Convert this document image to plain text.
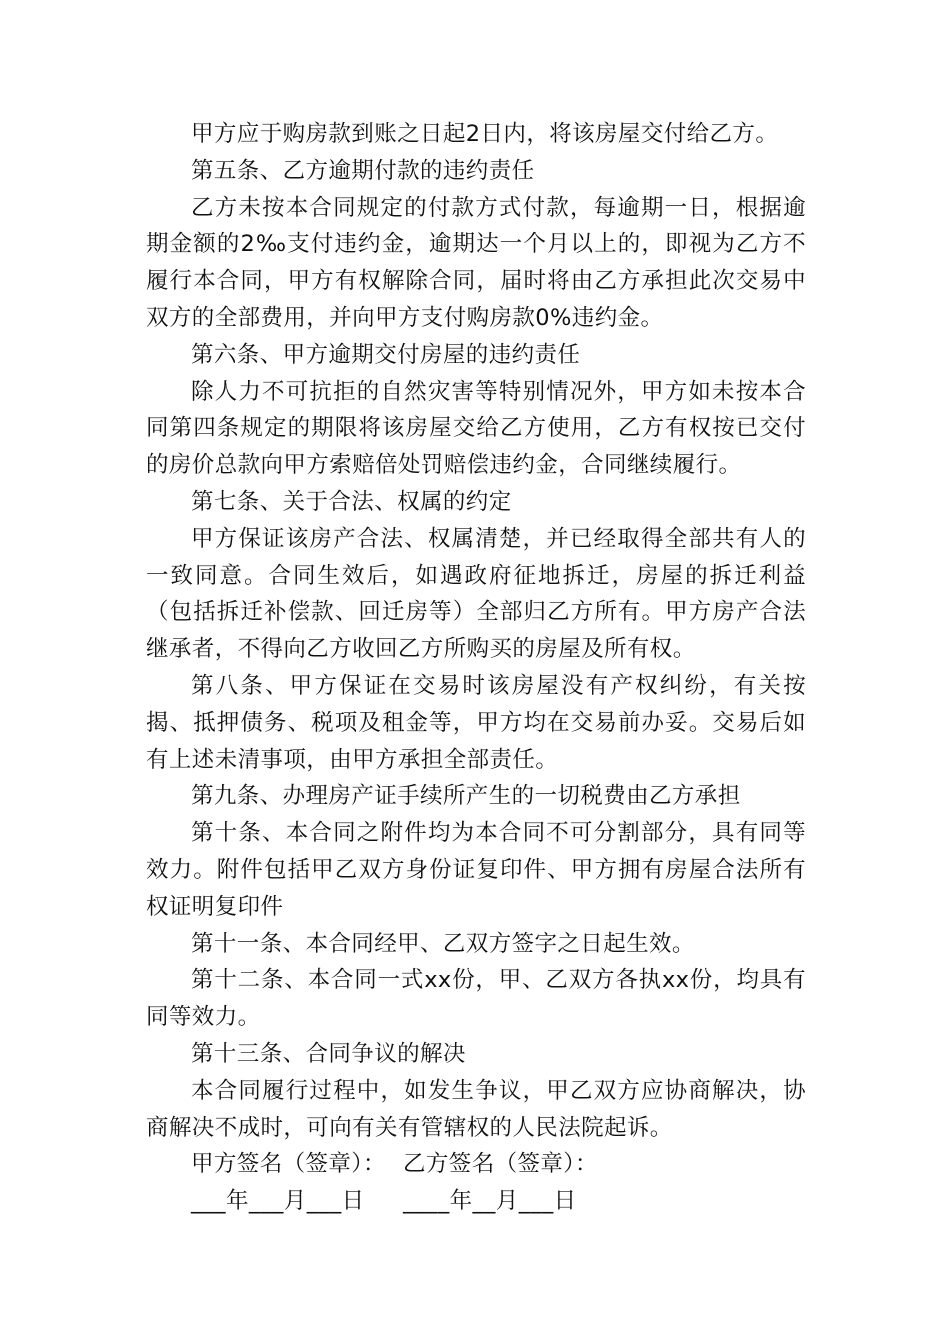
甲方应于购房款到账之日起2日内，将该房屋交付给乙方。

第五条、乙方逾期付款的违约责任

乙方未按本合同规定的付款方式付款，每逾期一日，根据逾期金额的2‰支付违约金，逾期达一个月以上的，即视为乙方不履行本合同，甲方有权解除合同，届时将由乙方承担此次交易中双方的全部费用，并向甲方支付购房款0%违约金。

第六条、甲方逾期交付房屋的违约责任

除人力不可抗拒的自然灾害等特别情况外，甲方如未按本合同第四条规定的期限将该房屋交给乙方使用，乙方有权按已交付的房价总款向甲方索赔倍处罚赔偿违约金，合同继续履行。

第七条、关于合法、权属的约定

甲方保证该房产合法、权属清楚，并已经取得全部共有人的一致同意。合同生效后，如遇政府征地拆迁，房屋的拆迁利益（包括拆迁补偿款、回迁房等）全部归乙方所有。甲方房产合法继承者，不得向乙方收回乙方所购买的房屋及所有权。

第八条、甲方保证在交易时该房屋没有产权纠纷，有关按揭、抵押债务、税项及租金等，甲方均在交易前办妥。交易后如有上述未清事项，由甲方承担全部责任。

第九条、办理房产证手续所产生的一切税费由乙方承担

第十条、本合同之附件均为本合同不可分割部分，具有同等效力。附件包括甲乙双方身份证复印件、甲方拥有房屋合法所有权证明复印件

第十一条、本合同经甲、乙双方签字之日起生效。

第十二条、本合同一式xx份，甲、乙双方各执xx份，均具有同等效力。

第十三条、合同争议的解决

本合同履行过程中，如发生争议，甲乙双方应协商解决，协商解决不成时，可向有关有管辖权的人民法院起诉。

甲方签名（签章）： 乙方签名（签章）：
___年___月___日 ____年__月___日
